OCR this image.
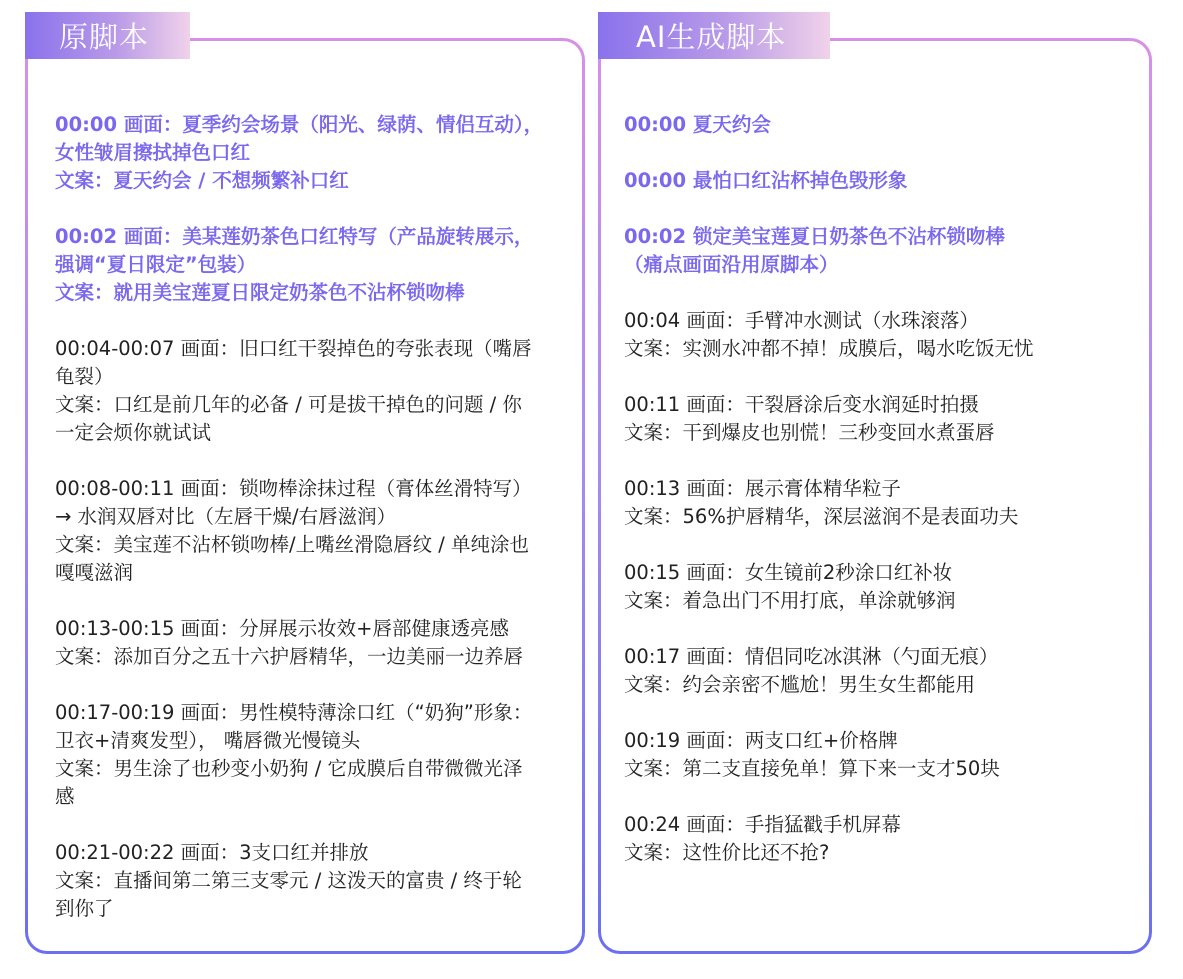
原脚本
00:00 画面：夏季约会场景（阳光、绿荫、情侣互动），
女性皱眉擦拭掉色口红
文案：夏天约会 / 不想频繁补口红
00:02 画面：美某莲奶茶色口红特写（产品旋转展示，
强调“夏日限定”包装）
文案：就用美宝莲夏日限定奶茶色不沾杯锁吻棒
00:04-00:07 画面：旧口红干裂掉色的夸张表现（嘴唇
龟裂）
文案：口红是前几年的必备 / 可是拔干掉色的问题 / 你
一定会烦你就试试
00:08-00:11 画面：锁吻棒涂抹过程（膏体丝滑特写）
→ 水润双唇对比（左唇干燥/右唇滋润）
文案：美宝莲不沾杯锁吻棒/上嘴丝滑隐唇纹 / 单纯涂也
嘎嘎滋润
00:13-00:15 画面：分屏展示妆效+唇部健康透亮感
文案：添加百分之五十六护唇精华，一边美丽一边养唇
00:17-00:19 画面：男性模特薄涂口红（“奶狗”形象：
卫衣+清爽发型）， 嘴唇微光慢镜头
文案：男生涂了也秒变小奶狗 / 它成膜后自带微微光泽
感
00:21-00:22 画面：3支口红并排放
文案：直播间第二第三支零元 / 这泼天的富贵 / 终于轮
到你了
AI生成脚本
00:00 夏天约会
00:00 最怕口红沾杯掉色毁形象
00:02 锁定美宝莲夏日奶茶色不沾杯锁吻棒
（痛点画面沿用原脚本）
00:04 画面：手臂冲水测试（水珠滚落）
文案：实测水冲都不掉！成膜后，喝水吃饭无忧
00:11 画面：干裂唇涂后变水润延时拍摄
文案：干到爆皮也别慌！三秒变回水煮蛋唇
00:13 画面：展示膏体精华粒子
文案：56%护唇精华，深层滋润不是表面功夫
00:15 画面：女生镜前2秒涂口红补妆
文案：着急出门不用打底，单涂就够润
00:17 画面：情侣同吃冰淇淋（勺面无痕）
文案：约会亲密不尴尬！男生女生都能用
00:19 画面：两支口红+价格牌
文案：第二支直接免单！算下来一支才50块
00:24 画面：手指猛戳手机屏幕
文案：这性价比还不抢?
